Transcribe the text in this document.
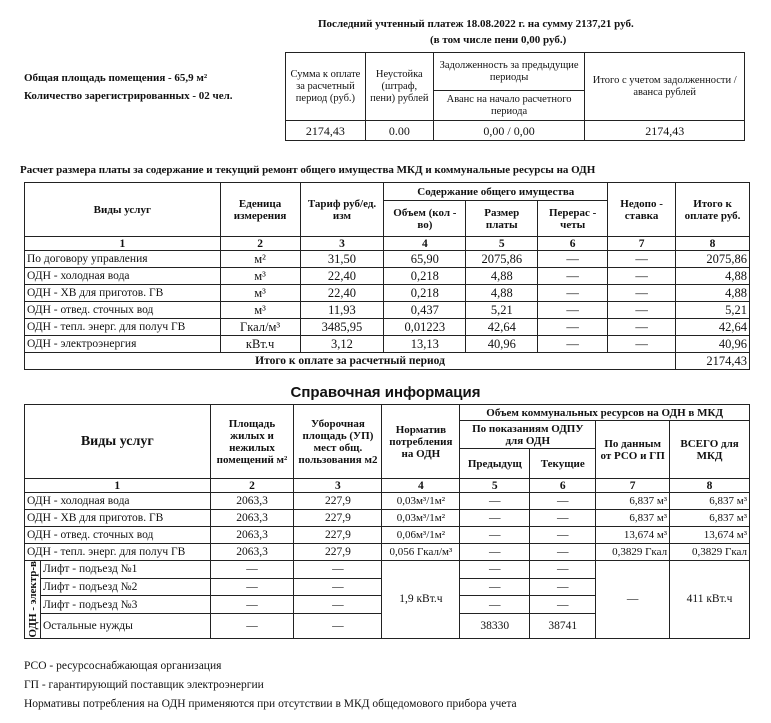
Последний учтенный платеж 18.08.2022 г. на сумму 2137,21 руб.
(в том числе пени 0,00 руб.)
Общая площадь помещения - 65,9 м²
Количество зарегистрированных - 02 чел.
Сумма к оплате за расчетный период (руб.)	Неустойка (штраф, пени) рублей	Задолженность за предыдущие периоды	Итого с учетом задолженности / аванса рублей
		Аванс на начало расчетного периода	
2174,43	0.00	0,00 / 0,00	2174,43
Расчет размера платы за содержание и текущий ремонт общего имущества МКД и коммунальные ресурсы на ОДН
Виды услуг	Еденица измерения	Тариф руб/ед. изм	Содержание общего имущества			Недопо - ставка	Итого к оплате руб.
			Объем (кол - во)	Размер платы	Перерас - четы		
1	2	3	4	5	6	7	8
По договору управления	м²	31,50	65,90	2075,86	—	—	2075,86
ОДН - холодная вода	м³	22,40	0,218	4,88	—	—	4,88
ОДН - ХВ для приготов. ГВ	м³	22,40	0,218	4,88	—	—	4,88
ОДН - отвед. сточных вод	м³	11,93	0,437	5,21	—	—	5,21
ОДН - тепл. энерг. для получ ГВ	Гкал/м³	3485,95	0,01223	42,64	—	—	42,64
ОДН - электроэнергия	кВт.ч	3,12	13,13	40,96	—	—	40,96
Итого к оплате за расчетный период							2174,43
Справочная информация
Виды услуг		Площадь жилых и нежилых помещений м²	Уборочная площадь (УП) мест общ. пользования м2	Норматив потребления на ОДН	Объем коммунальных ресурсов на ОДН в МКД			
					По показаниям ОДПУ для ОДН		По данным от РСО и ГП	ВСЕГО для МКД
					Предыдущ	Текущие		
1		2	3	4	5	6	7	8
ОДН - холодная вода		2063,3	227,9	0,03м³/1м²	—	—	6,837 м³	6,837 м³
ОДН - ХВ для приготов. ГВ		2063,3	227,9	0,03м³/1м²	—	—	6,837 м³	6,837 м³
ОДН - отвед. сточных вод		2063,3	227,9	0,06м³/1м²	—	—	13,674 м³	13,674 м³
ОДН - тепл. энерг. для получ ГВ		2063,3	227,9	0,056 Гкал/м³	—	—	0,3829 Гкал	0,3829 Гкал
ОДН - электр-в	Лифт - подъезд №1	—	—	1,9 кВт.ч	—	—	—	411 кВт.ч
	Лифт - подъезд №2	—	—		—	—		
	Лифт - подъезд №3	—	—		—	—		
	Остальные нужды	—	—		38330	38741		
РСО - ресурсоснабжающая организация
ГП - гарантирующий поставщик электроэнергии
Нормативы потребления на ОДН применяются при отсутствии в МКД общедомового прибора учета
